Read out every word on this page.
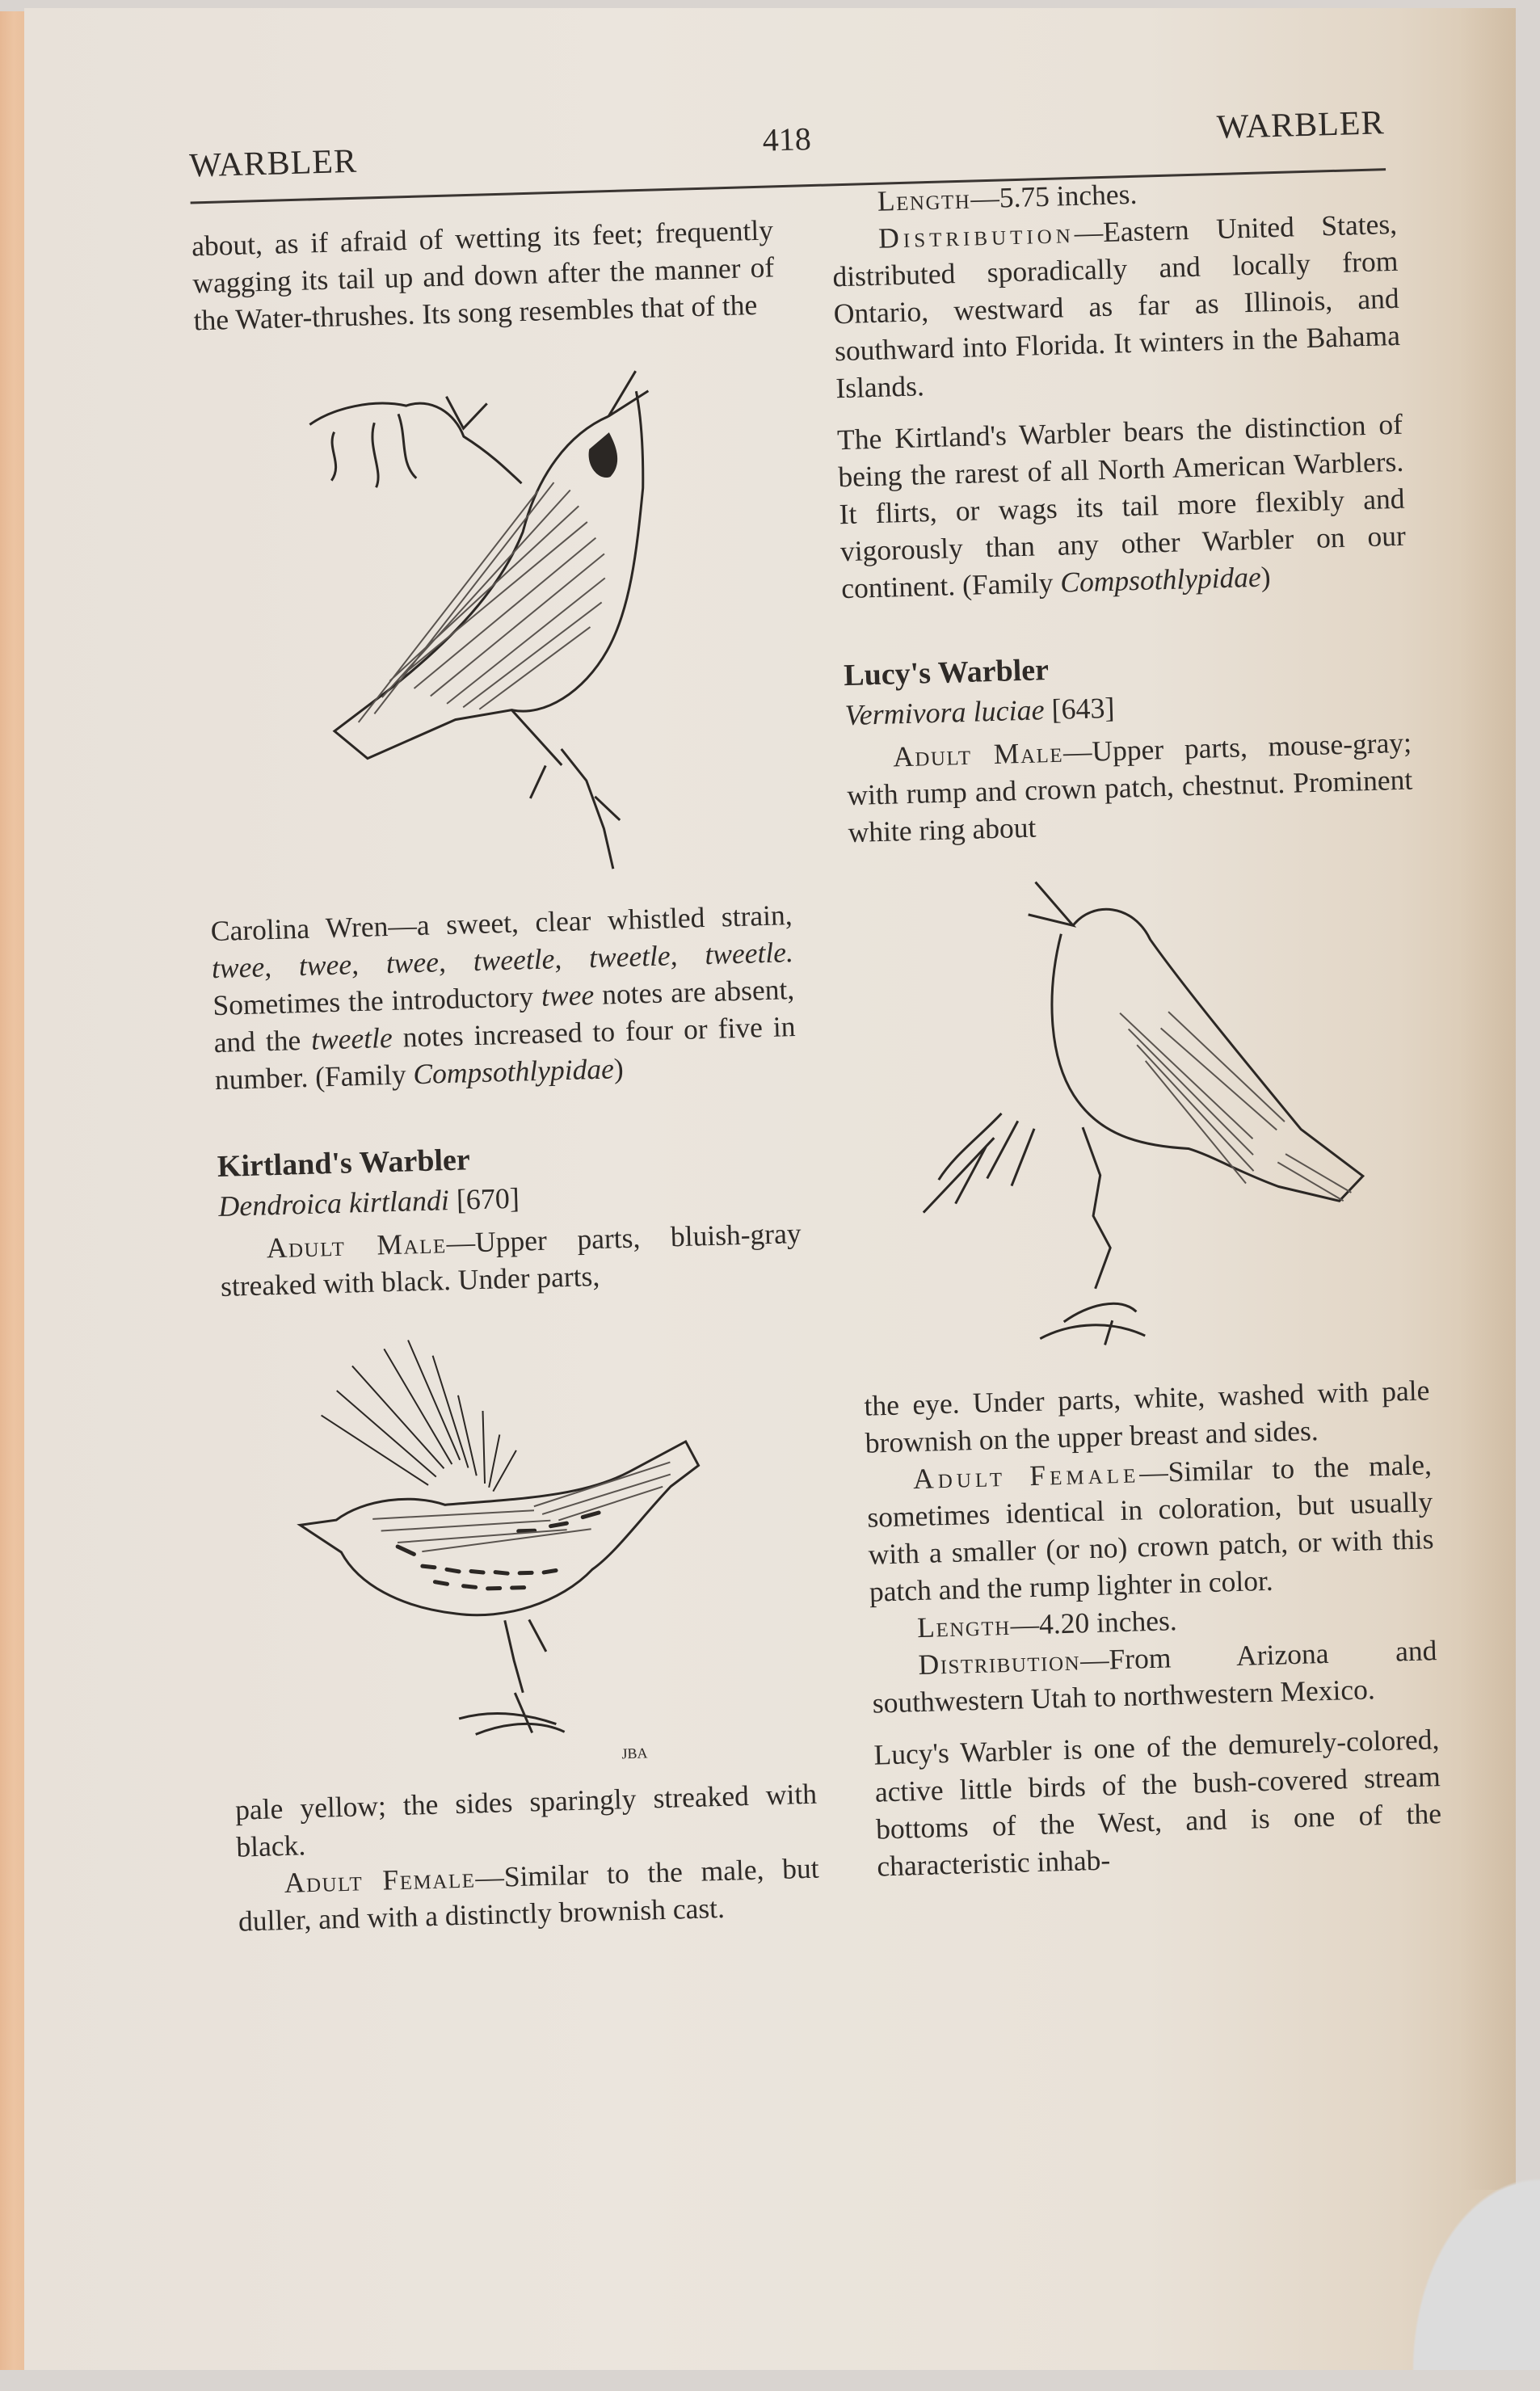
WARBLER
418	WARBLER

about, as if afraid of wetting its feet; frequently wagging its tail up and down after the manner of the Water-thrushes. Its song resembles that of the

Carolina Wren—a sweet, clear whistled strain, twee, twee, twee, tweetle, tweetle, tweetle. Sometimes the introductory twee notes are absent, and the tweetle notes increased to four or five in number. (Family Compsothlypidae)

Kirtland's Warbler

Dendroica kirtlandi [670]

Adult Male—Upper parts, bluish-gray streaked with black. Under parts,

JBA

pale yellow; the sides sparingly streaked with black.

Adult Female—Similar to the male, but duller, and with a distinctly brownish cast.

Length—5.75 inches.

Distribution—Eastern United States, distributed sporadically and locally from Ontario, westward as far as Illinois, and southward into Florida. It winters in the Bahama Islands.

The Kirtland's Warbler bears the distinction of being the rarest of all North American Warblers. It flirts, or wags its tail more flexibly and vigorously than any other Warbler on our continent. (Family Compsothlypidae)

Lucy's Warbler

Vermivora luciae [643]

Adult Male—Upper parts, mouse-gray; with rump and crown patch, chestnut. Prominent white ring about

the eye. Under parts, white, washed with pale brownish on the upper breast and sides.

Adult Female—Similar to the male, sometimes identical in coloration, but usually with a smaller (or no) crown patch, or with this patch and the rump lighter in color.

Length—4.20 inches.

Distribution—From Arizona and southwestern Utah to northwestern Mexico.

Lucy's Warbler is one of the demurely-colored, active little birds of the bush-covered stream bottoms of the West, and is one of the characteristic inhab-
